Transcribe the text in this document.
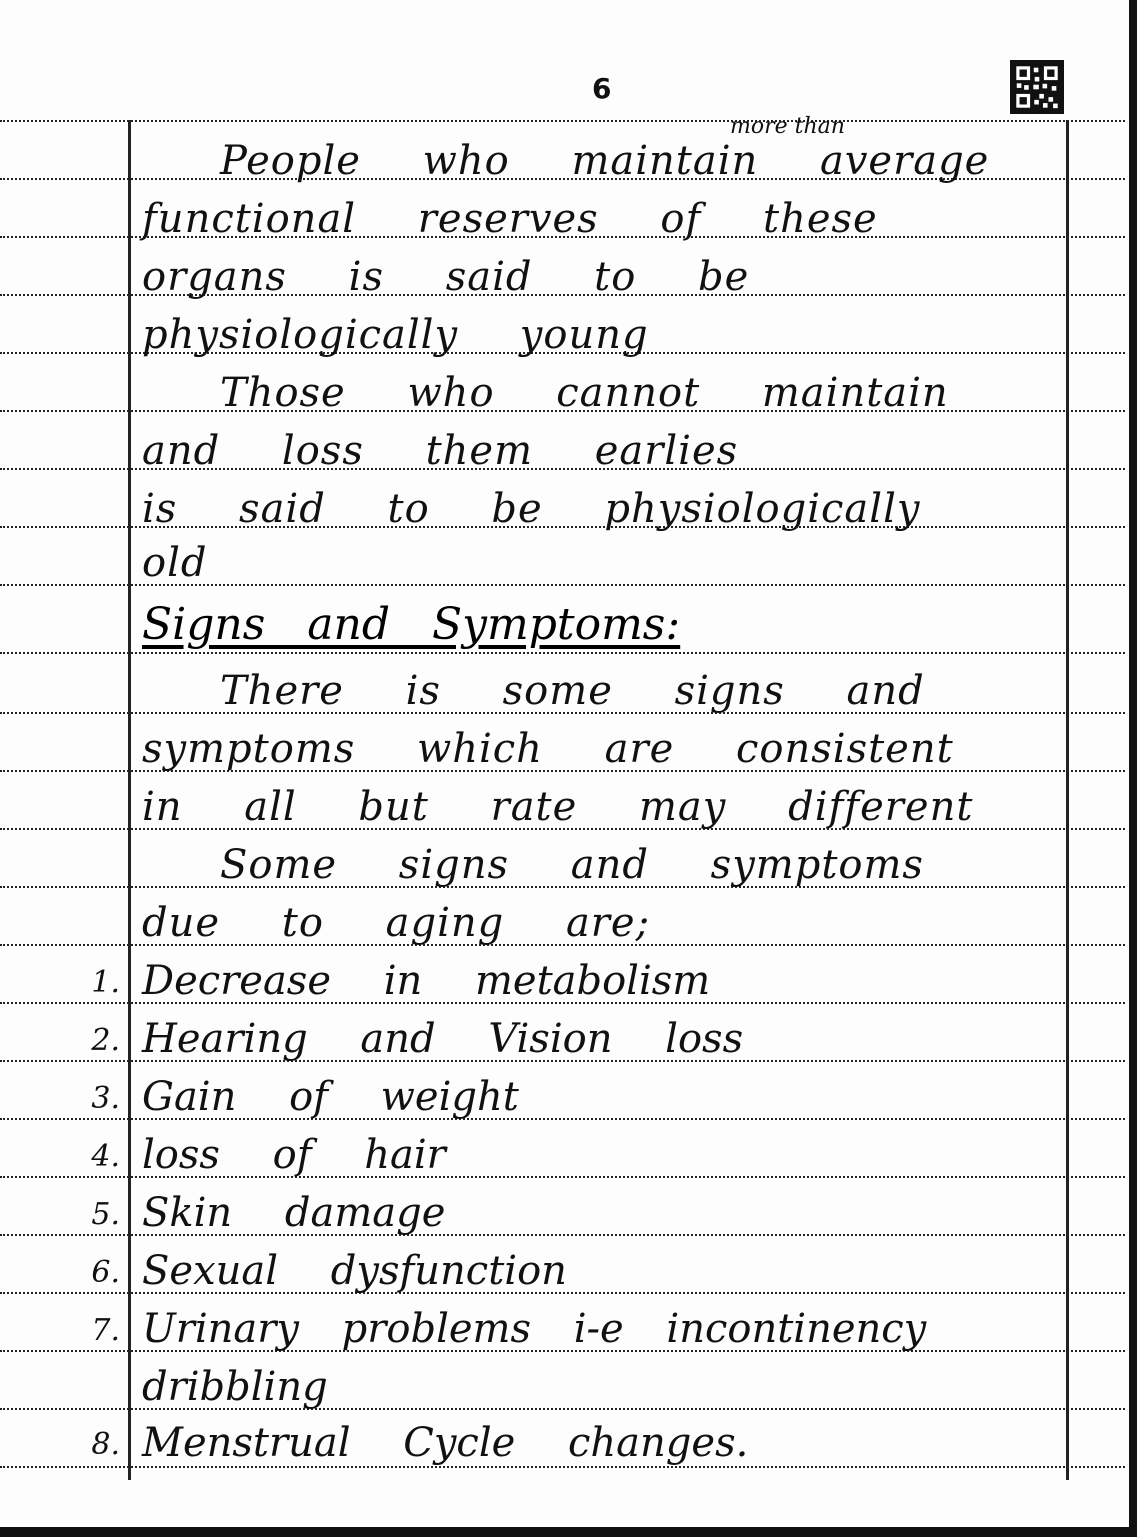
6
more than
People who maintain average
functional reserves of these
organs is said to be
physiologically young
Those who cannot maintain
and loss them earlies
is said to be physiologically
old
Signs and Symptoms:
There is some signs and
symptoms which are consistent
in all but rate may different
Some signs and symptoms
due to aging are;
1. Decrease in metabolism
2. Hearing and Vision loss
3. Gain of weight
4. loss of hair
5. Skin damage
6. Sexual dysfunction
7. Urinary problems i-e incontinency
dribbling
8. Menstrual Cycle changes.
